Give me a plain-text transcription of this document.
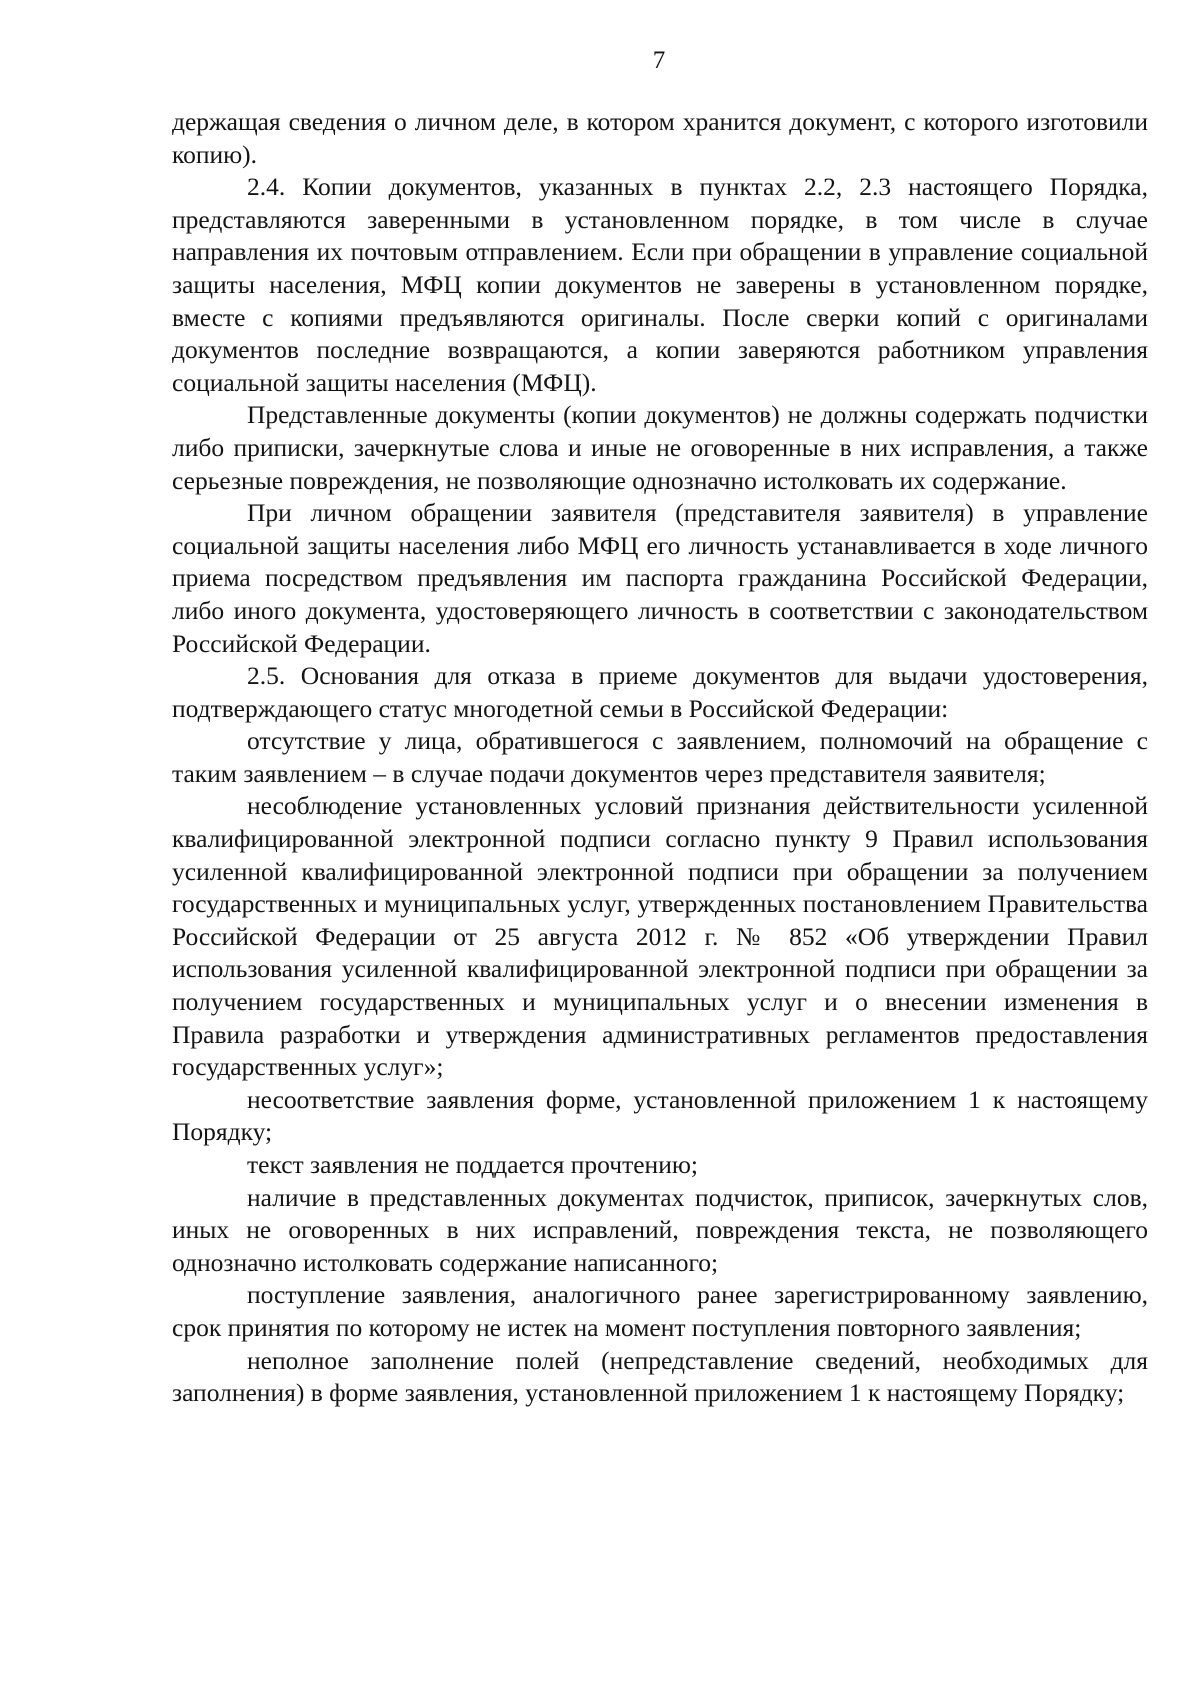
7

держащая сведения о личном деле, в котором хранится документ, с которого изготовили копию).

2.4. Копии документов, указанных в пунктах 2.2, 2.3 настоящего Порядка, представляются заверенными в установленном порядке, в том числе в случае направления их почтовым отправлением. Если при обращении в управление социальной защиты населения, МФЦ копии документов не заверены в установленном порядке, вместе с копиями предъявляются оригиналы. После сверки копий с оригиналами документов последние возвращаются, а копии заверяются работником управления социальной защиты населения (МФЦ).

Представленные документы (копии документов) не должны содержать подчистки либо приписки, зачеркнутые слова и иные не оговоренные в них исправления, а также серьезные повреждения, не позволяющие однозначно истолковать их содержание.

При личном обращении заявителя (представителя заявителя) в управление социальной защиты населения либо МФЦ его личность устанавливается в ходе личного приема посредством предъявления им паспорта гражданина Российской Федерации, либо иного документа, удостоверяющего личность в соответствии с законодательством Российской Федерации.

2.5. Основания для отказа в приеме документов для выдачи удостоверения, подтверждающего статус многодетной семьи в Российской Федерации:

отсутствие у лица, обратившегося с заявлением, полномочий на обращение с таким заявлением – в случае подачи документов через представителя заявителя;

несоблюдение установленных условий признания действительности усиленной квалифицированной электронной подписи согласно пункту 9 Правил использования усиленной квалифицированной электронной подписи при обращении за получением государственных и муниципальных услуг, утвержденных постановлением Правительства Российской Федерации от 25 августа 2012 г. № 852 «Об утверждении Правил использования усиленной квалифицированной электронной подписи при обращении за получением государственных и муниципальных услуг и о внесении изменения в Правила разработки и утверждения административных регламентов предоставления государственных услуг»;

несоответствие заявления форме, установленной приложением 1 к настоящему Порядку;

текст заявления не поддается прочтению;

наличие в представленных документах подчисток, приписок, зачеркнутых слов, иных не оговоренных в них исправлений, повреждения текста, не позволяющего однозначно истолковать содержание написанного;

поступление заявления, аналогичного ранее зарегистрированному заявлению, срок принятия по которому не истек на момент поступления повторного заявления;

неполное заполнение полей (непредставление сведений, необходимых для заполнения) в форме заявления, установленной приложением 1 к настоящему Порядку;
